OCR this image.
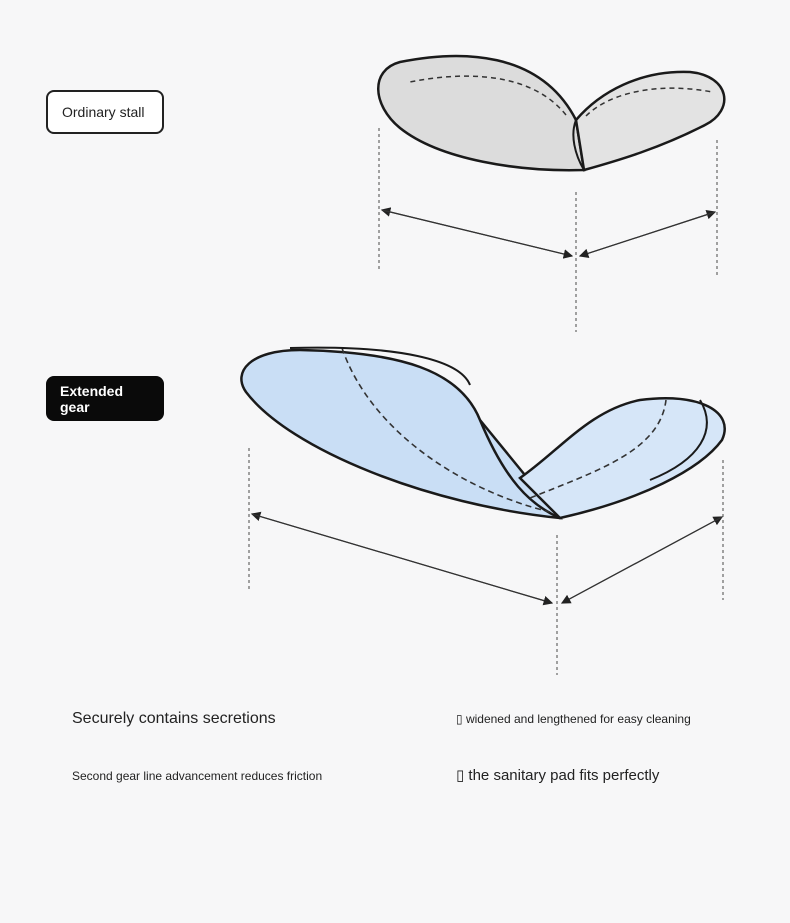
Ordinary stall
Extended
gear
Securely contains secretions	▯ widened and lengthened for easy cleaning
Second gear line advancement reduces friction	▯ the sanitary pad fits perfectly
